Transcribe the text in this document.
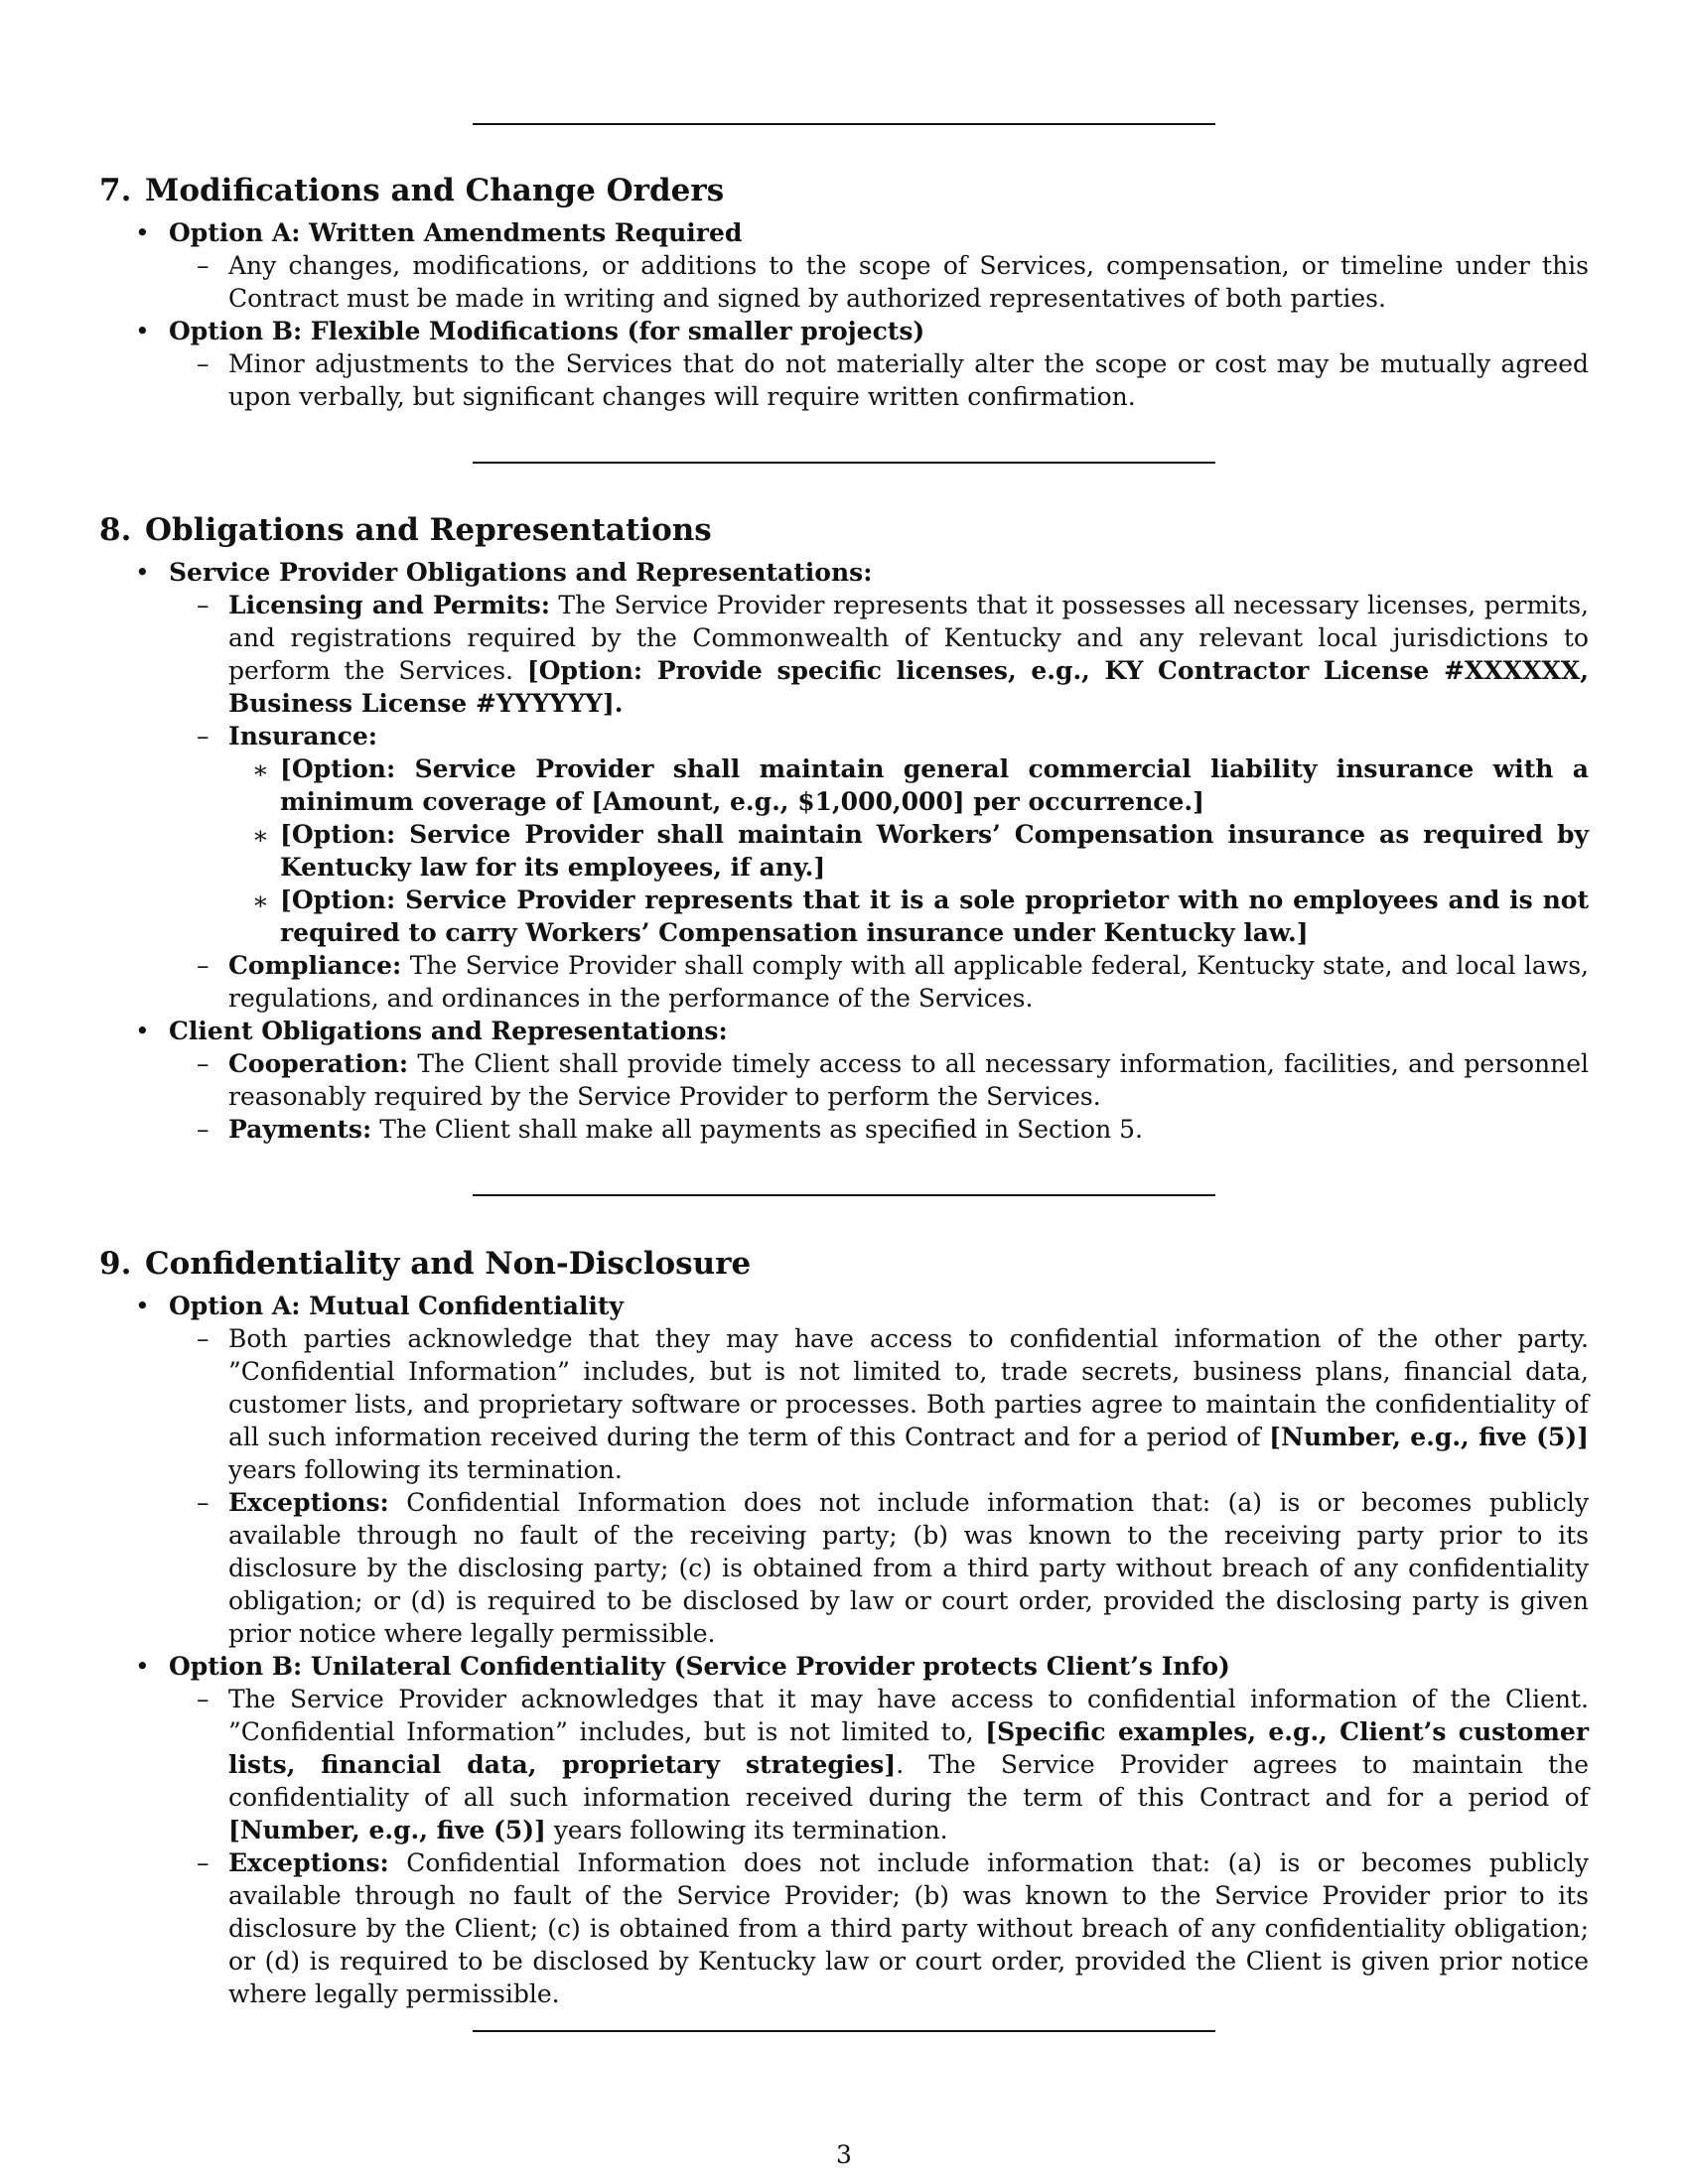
7. Modifications and Change Orders
• Option A: Written Amendments Required
– Any changes, modifications, or additions to the scope of Services, compensation, or timeline under this Contract must be made in writing and signed by authorized representatives of both parties.
• Option B: Flexible Modifications (for smaller projects)
– Minor adjustments to the Services that do not materially alter the scope or cost may be mutually agreed upon verbally, but significant changes will require written confirmation.
8. Obligations and Representations
• Service Provider Obligations and Representations:
– Licensing and Permits: The Service Provider represents that it possesses all necessary licenses, permits, and registrations required by the Commonwealth of Kentucky and any relevant local jurisdictions to perform the Services. [Option: Provide specific licenses, e.g., KY Contractor License #XXXXXX, Business License #YYYYYY].
– Insurance:
∗ [Option: Service Provider shall maintain general commercial liability insurance with a minimum coverage of [Amount, e.g., $1,000,000] per occurrence.]
∗ [Option: Service Provider shall maintain Workers’ Compensation insurance as required by Kentucky law for its employees, if any.]
∗ [Option: Service Provider represents that it is a sole proprietor with no employees and is not required to carry Workers’ Compensation insurance under Kentucky law.]
– Compliance: The Service Provider shall comply with all applicable federal, Kentucky state, and local laws, regulations, and ordinances in the performance of the Services.
• Client Obligations and Representations:
– Cooperation: The Client shall provide timely access to all necessary information, facilities, and personnel reasonably required by the Service Provider to perform the Services.
– Payments: The Client shall make all payments as specified in Section 5.
9. Confidentiality and Non-Disclosure
• Option A: Mutual Confidentiality
– Both parties acknowledge that they may have access to confidential information of the other party. ”Confidential Information” includes, but is not limited to, trade secrets, business plans, financial data, customer lists, and proprietary software or processes. Both parties agree to maintain the confidentiality of all such information received during the term of this Contract and for a period of [Number, e.g., five (5)] years following its termination.
– Exceptions: Confidential Information does not include information that: (a) is or becomes publicly available through no fault of the receiving party; (b) was known to the receiving party prior to its disclosure by the disclosing party; (c) is obtained from a third party without breach of any confidentiality obligation; or (d) is required to be disclosed by law or court order, provided the disclosing party is given prior notice where legally permissible.
• Option B: Unilateral Confidentiality (Service Provider protects Client’s Info)
– The Service Provider acknowledges that it may have access to confidential information of the Client. ”Confidential Information” includes, but is not limited to, [Specific examples, e.g., Client’s customer lists, financial data, proprietary strategies]. The Service Provider agrees to maintain the confidentiality of all such information received during the term of this Contract and for a period of [Number, e.g., five (5)] years following its termination.
– Exceptions: Confidential Information does not include information that: (a) is or becomes publicly available through no fault of the Service Provider; (b) was known to the Service Provider prior to its disclosure by the Client; (c) is obtained from a third party without breach of any confidentiality obligation; or (d) is required to be disclosed by Kentucky law or court order, provided the Client is given prior notice where legally permissible.
3
